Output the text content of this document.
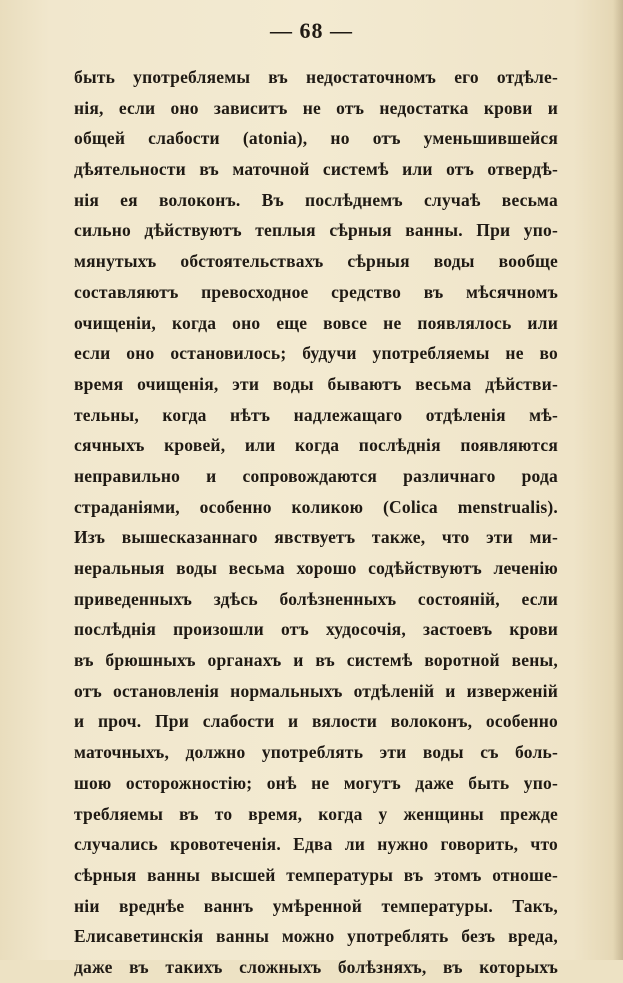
— 68 —
быть употребляемы въ недостаточномъ его отдѣле-
нія, если оно зависитъ не отъ недостатка крови и
общей слабости (atonia), но отъ уменьшившейся
дѣятельности въ маточной системѣ или отъ отвердѣ-
нія ея волоконъ. Въ послѣднемъ случаѣ весьма
сильно дѣйствуютъ теплыя сѣрныя ванны. При упо-
мянутыхъ обстоятельствахъ сѣрныя воды вообще
составляютъ превосходное средство въ мѣсячномъ
очищеніи, когда оно еще вовсе не появлялось или
если оно остановилось; будучи употребляемы не во
время очищенія, эти воды бываютъ весьма дѣйстви-
тельны, когда нѣтъ надлежащаго отдѣленія мѣ-
сячныхъ кровей, или когда послѣднія появляются
неправильно и сопровождаются различнаго рода
страданіями, особенно коликою (Colica menstrualis).
Изъ вышесказаннаго явствуетъ также, что эти ми-
неральныя воды весьма хорошо содѣйствуютъ леченію
приведенныхъ здѣсь болѣзненныхъ состояній, если
послѣднія произошли отъ худосочія, застоевъ крови
въ брюшныхъ органахъ и въ системѣ воротной вены,
отъ остановленія нормальныхъ отдѣленій и изверженій
и проч. При слабости и вялости волоконъ, особенно
маточныхъ, должно употреблять эти воды съ боль-
шою осторожностію; онѣ не могутъ даже быть упо-
требляемы въ то время, когда у женщины прежде
случались кровотеченія. Едва ли нужно говорить, что
сѣрныя ванны высшей температуры въ этомъ отноше-
ніи вреднѣе ваннъ умѣренной температуры. Такъ,
Елисаветинскія ванны можно употреблять безъ вреда,
даже въ такихъ сложныхъ болѣзняхъ, въ которыхъ
